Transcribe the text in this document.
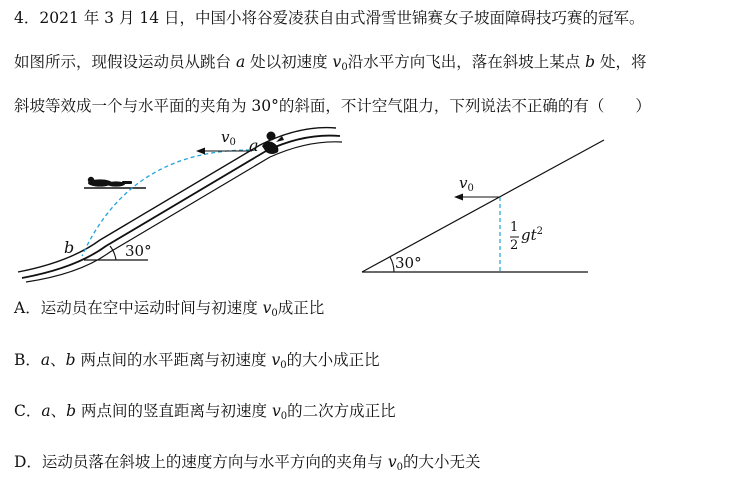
4．2021 年 3 月 14 日，中国小将谷爱凌获自由式滑雪世锦赛女子坡面障碍技巧赛的冠军。
如图所示，现假设运动员从跳台 a 处以初速度 $v_0$沿水平方向飞出，落在斜坡上某点 b 处，将
斜坡等效成一个与水平面的夹角为 30°的斜面，不计空气阻力，下列说法不正确的有（　　）
$v_0$ a
b	30°
$v_0$
1
2
$gt^2$
30°
A．运动员在空中运动时间与初速度 $v_0$成正比
B．a、b 两点间的水平距离与初速度 $v_0$的大小成正比
C．a、b 两点间的竖直距离与初速度 $v_0$的二次方成正比
D．运动员落在斜坡上的速度方向与水平方向的夹角与 $v_0$的大小无关
